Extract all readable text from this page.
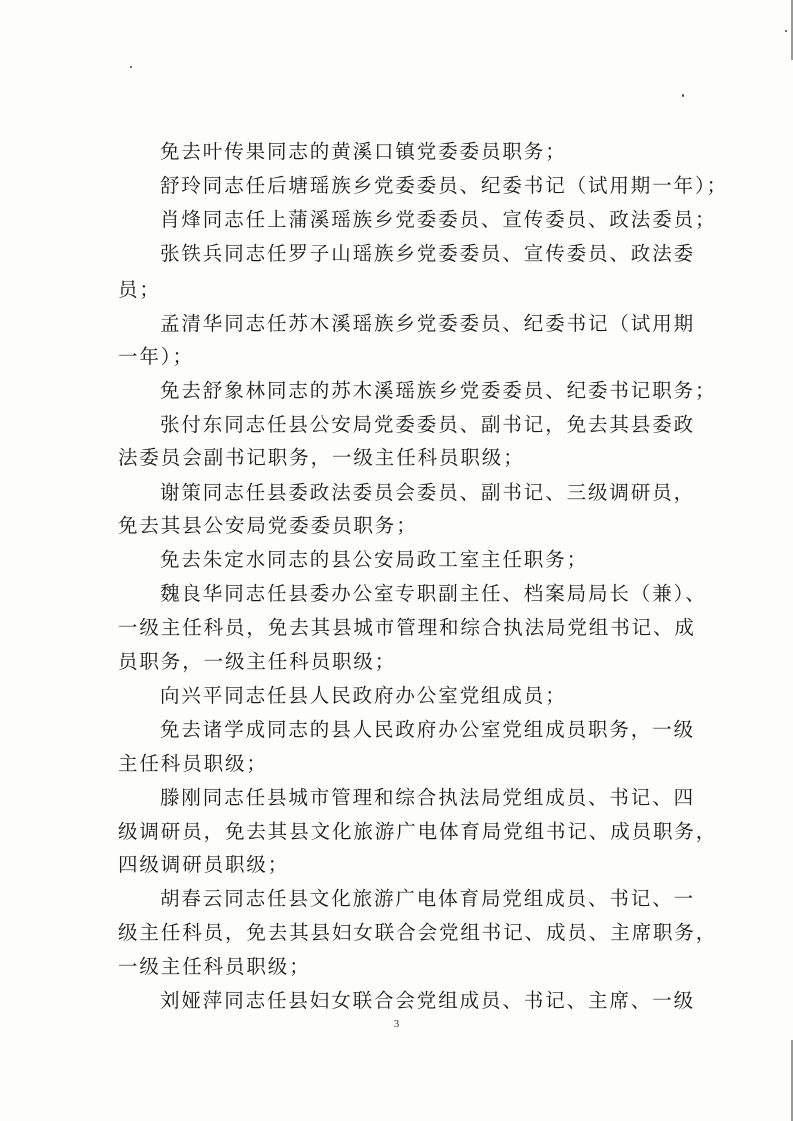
免去叶传果同志的黄溪口镇党委委员职务；
舒玲同志任后塘瑶族乡党委委员、纪委书记（试用期一年）；
肖烽同志任上蒲溪瑶族乡党委委员、宣传委员、政法委员；
张铁兵同志任罗子山瑶族乡党委委员、宣传委员、政法委
员；
孟清华同志任苏木溪瑶族乡党委委员、纪委书记（试用期
一年）；
免去舒象林同志的苏木溪瑶族乡党委委员、纪委书记职务；
张付东同志任县公安局党委委员、副书记，免去其县委政
法委员会副书记职务，一级主任科员职级；
谢策同志任县委政法委员会委员、副书记、三级调研员，
免去其县公安局党委委员职务；
免去朱定水同志的县公安局政工室主任职务；
魏良华同志任县委办公室专职副主任、档案局局长（兼）、
一级主任科员，免去其县城市管理和综合执法局党组书记、成
员职务，一级主任科员职级；
向兴平同志任县人民政府办公室党组成员；
免去诸学成同志的县人民政府办公室党组成员职务，一级
主任科员职级；
滕刚同志任县城市管理和综合执法局党组成员、书记、四
级调研员，免去其县文化旅游广电体育局党组书记、成员职务，
四级调研员职级；
胡春云同志任县文化旅游广电体育局党组成员、书记、一
级主任科员，免去其县妇女联合会党组书记、成员、主席职务，
一级主任科员职级；
刘娅萍同志任县妇女联合会党组成员、书记、主席、一级
3
